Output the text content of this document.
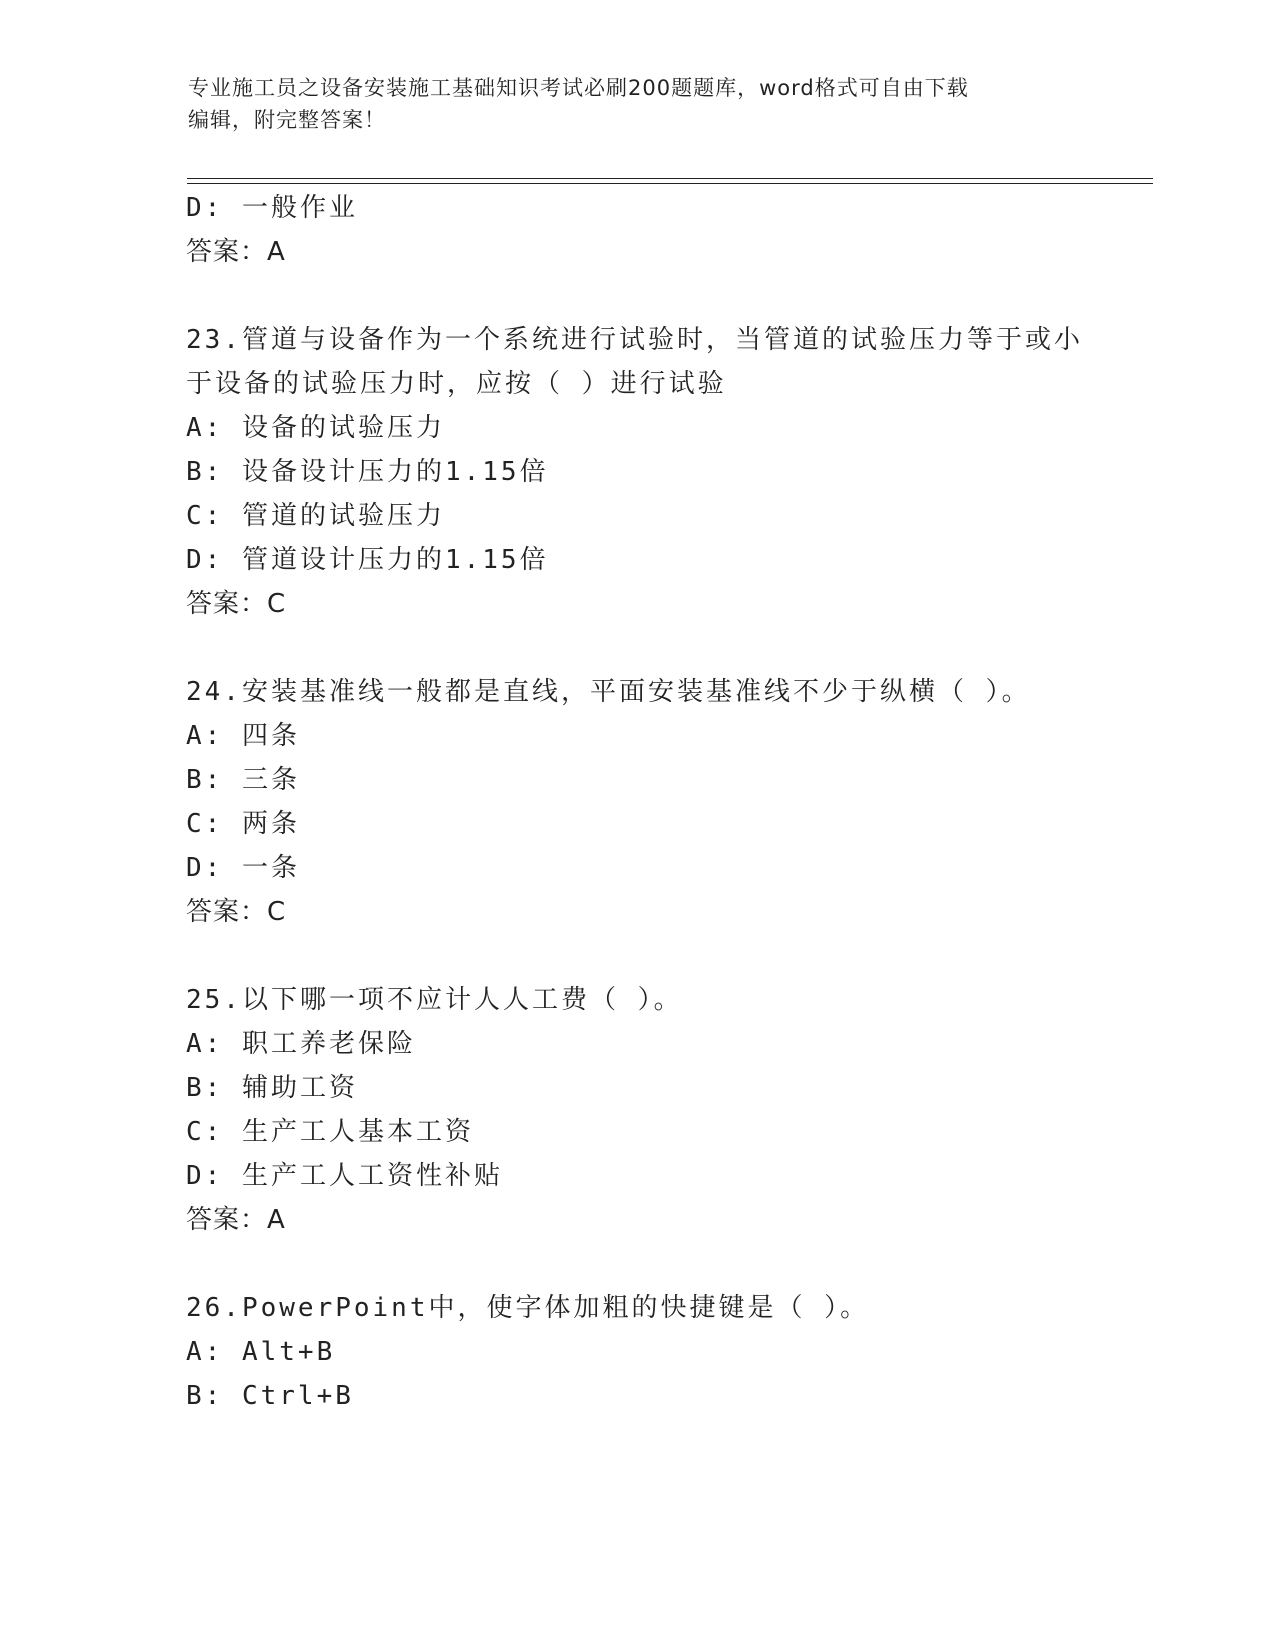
专业施工员之设备安装施工基础知识考试必刷200题题库，word格式可自由下载
编辑，附完整答案！
D: 一般作业
答案：A
23.管道与设备作为一个系统进行试验时，当管道的试验压力等于或小
于设备的试验压力时，应按（ ）进行试验
A: 设备的试验压力
B: 设备设计压力的1.15倍
C: 管道的试验压力
D: 管道设计压力的1.15倍
答案：C
24.安装基准线一般都是直线，平面安装基准线不少于纵横（ ）。
A: 四条
B: 三条
C: 两条
D: 一条
答案：C
25.以下哪一项不应计人人工费（ ）。
A: 职工养老保险
B: 辅助工资
C: 生产工人基本工资
D: 生产工人工资性补贴
答案：A
26.PowerPoint中，使字体加粗的快捷键是（ ）。
A: Alt+B
B: Ctrl+B
